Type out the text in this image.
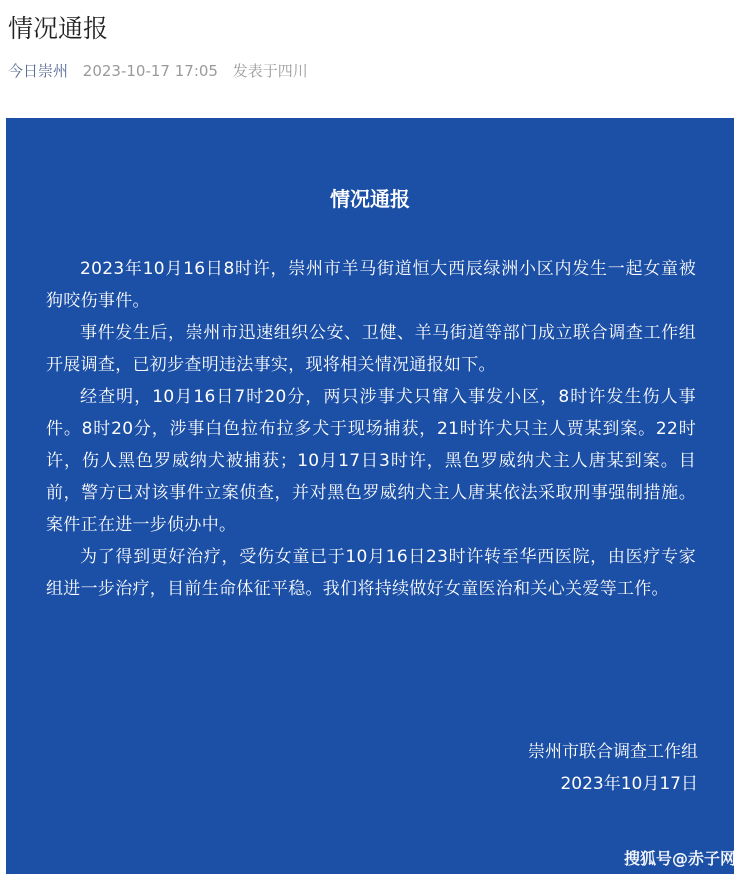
情况通报
今日崇州 2023-10-17 17:05 发表于四川
情况通报

2023年10月16日8时许，崇州市羊马街道恒大西辰绿洲小区内发生一起女童被狗咬伤事件。

事件发生后，崇州市迅速组织公安、卫健、羊马街道等部门成立联合调查工作组开展调查，已初步查明违法事实，现将相关情况通报如下。

经查明，10月16日7时20分，两只涉事犬只窜入事发小区，8时许发生伤人事件。8时20分，涉事白色拉布拉多犬于现场捕获，21时许犬只主人贾某到案。22时许，伤人黑色罗威纳犬被捕获；10月17日3时许，黑色罗威纳犬主人唐某到案。目前，警方已对该事件立案侦查，并对黑色罗威纳犬主人唐某依法采取刑事强制措施。案件正在进一步侦办中。

为了得到更好治疗，受伤女童已于10月16日23时许转至华西医院，由医疗专家组进一步治疗，目前生命体征平稳。我们将持续做好女童医治和关心关爱等工作。

崇州市联合调查工作组
2023年10月17日
搜狐号@赤子网
